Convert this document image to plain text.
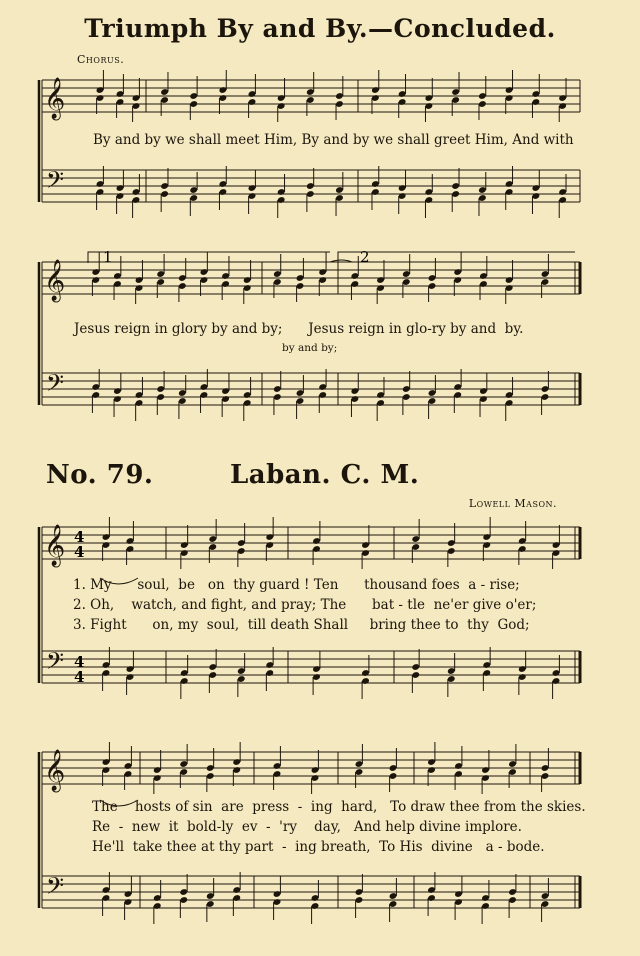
Triumph By and By.—Concluded.
Chorus.
𝄞
𝄢
𝄞
𝄢
𝄞
𝄢
𝄞
𝄢
1	2
4
4
4
4
By and by we shall meet Him, By and by we shall greet Him, And with
Jesus reign in glory by and by;      Jesus reign in glo-ry by and  by.
by and by;
No. 79.	Laban. C. M.
Lowell Mason.
1. My      soul,  be   on  thy guard ! Ten      thousand foes  a - rise;
2. Oh,    watch, and fight, and pray; The      bat - tle  ne'er give o'er;
3. Fight      on, my  soul,  till death Shall     bring thee to  thy  God;
The    hosts of sin  are  press  -  ing  hard,   To draw thee from the skies.
Re  -  new  it  bold-ly  ev  -  'ry    day,   And help divine implore.
He'll  take thee at thy part  -  ing breath,  To His  divine   a - bode.
